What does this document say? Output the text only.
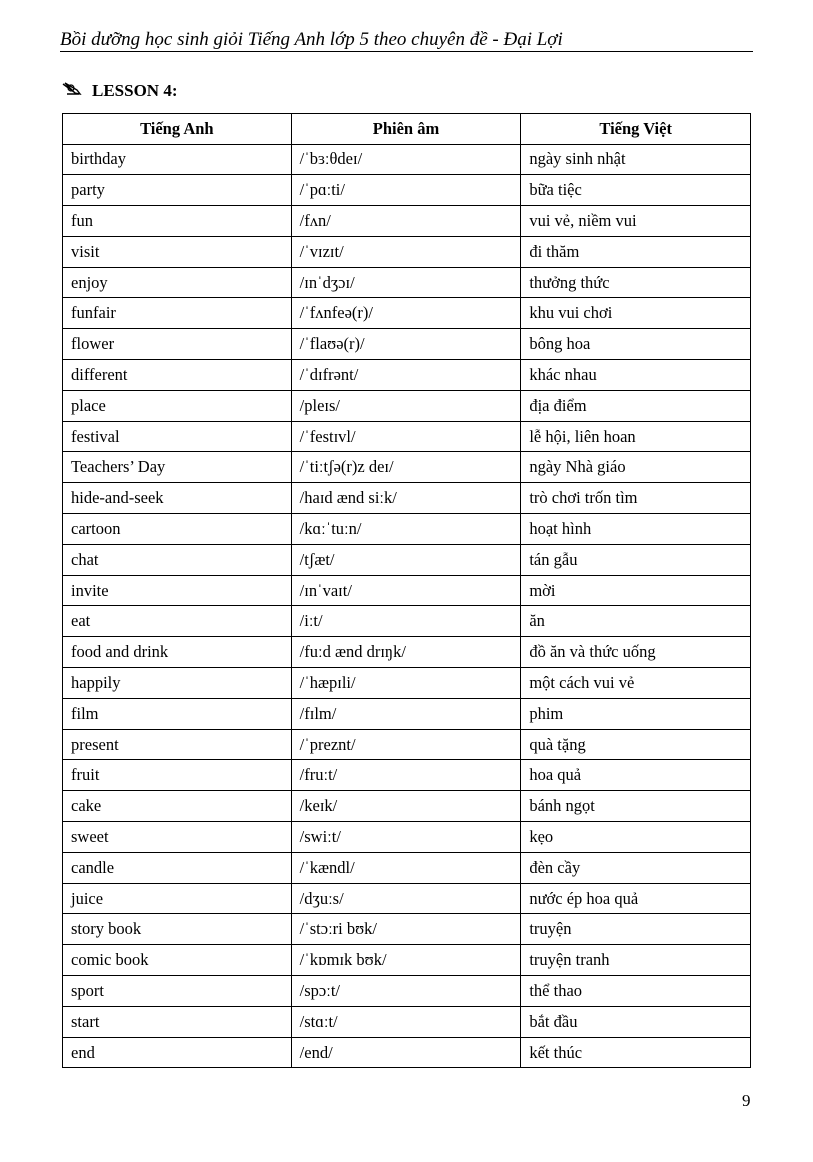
Bồi dưỡng học sinh giỏi Tiếng Anh lớp 5 theo chuyên đề - Đại Lợi
LESSON 4:
Tiếng Anh	Phiên âm	Tiếng Việt
birthday	/ˈbɜːθdeɪ/	ngày sinh nhật
party	/ˈpɑːti/	bữa tiệc
fun	/fʌn/	vui vẻ, niềm vui
visit	/ˈvɪzɪt/	đi thăm
enjoy	/ɪnˈdʒɔɪ/	thưởng thức
funfair	/ˈfʌnfeə(r)/	khu vui chơi
flower	/ˈflaʊə(r)/	bông hoa
different	/ˈdɪfrənt/	khác nhau
place	/pleɪs/	địa điểm
festival	/ˈfestɪvl/	lễ hội, liên hoan
Teachers’ Day	/ˈtiːtʃə(r)z deɪ/	ngày Nhà giáo
hide-and-seek	/haɪd ænd siːk/	trò chơi trốn tìm
cartoon	/kɑːˈtuːn/	hoạt hình
chat	/tʃæt/	tán gẫu
invite	/ɪnˈvaɪt/	mời
eat	/iːt/	ăn
food and drink	/fuːd ænd drɪŋk/	đồ ăn và thức uống
happily	/ˈhæpɪli/	một cách vui vẻ
film	/fɪlm/	phim
present	/ˈpreznt/	quà tặng
fruit	/fruːt/	hoa quả
cake	/keɪk/	bánh ngọt
sweet	/swiːt/	kẹo
candle	/ˈkændl/	đèn cầy
juice	/dʒuːs/	nước ép hoa quả
story book	/ˈstɔːri bʊk/	truyện
comic book	/ˈkɒmɪk bʊk/	truyện tranh
sport	/spɔːt/	thể thao
start	/stɑːt/	bắt đầu
end	/end/	kết thúc
9
